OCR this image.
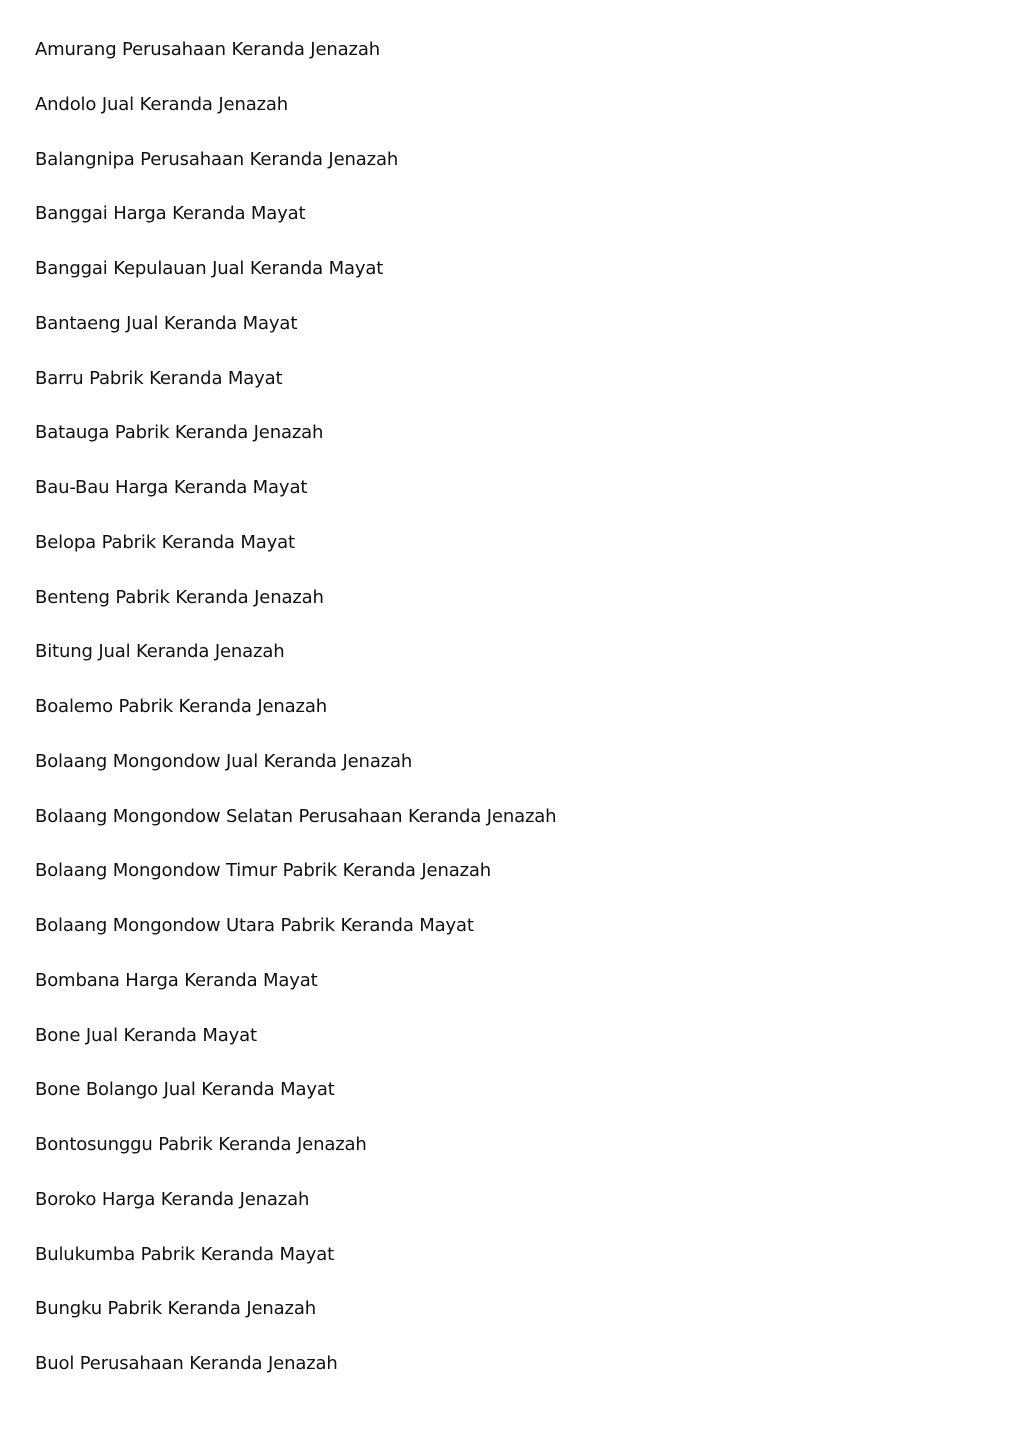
Amurang Perusahaan Keranda Jenazah
Andolo Jual Keranda Jenazah
Balangnipa Perusahaan Keranda Jenazah
Banggai Harga Keranda Mayat
Banggai Kepulauan Jual Keranda Mayat
Bantaeng Jual Keranda Mayat
Barru Pabrik Keranda Mayat
Batauga Pabrik Keranda Jenazah
Bau-Bau Harga Keranda Mayat
Belopa Pabrik Keranda Mayat
Benteng Pabrik Keranda Jenazah
Bitung Jual Keranda Jenazah
Boalemo Pabrik Keranda Jenazah
Bolaang Mongondow Jual Keranda Jenazah
Bolaang Mongondow Selatan Perusahaan Keranda Jenazah
Bolaang Mongondow Timur Pabrik Keranda Jenazah
Bolaang Mongondow Utara Pabrik Keranda Mayat
Bombana Harga Keranda Mayat
Bone Jual Keranda Mayat
Bone Bolango Jual Keranda Mayat
Bontosunggu Pabrik Keranda Jenazah
Boroko Harga Keranda Jenazah
Bulukumba Pabrik Keranda Mayat
Bungku Pabrik Keranda Jenazah
Buol Perusahaan Keranda Jenazah
